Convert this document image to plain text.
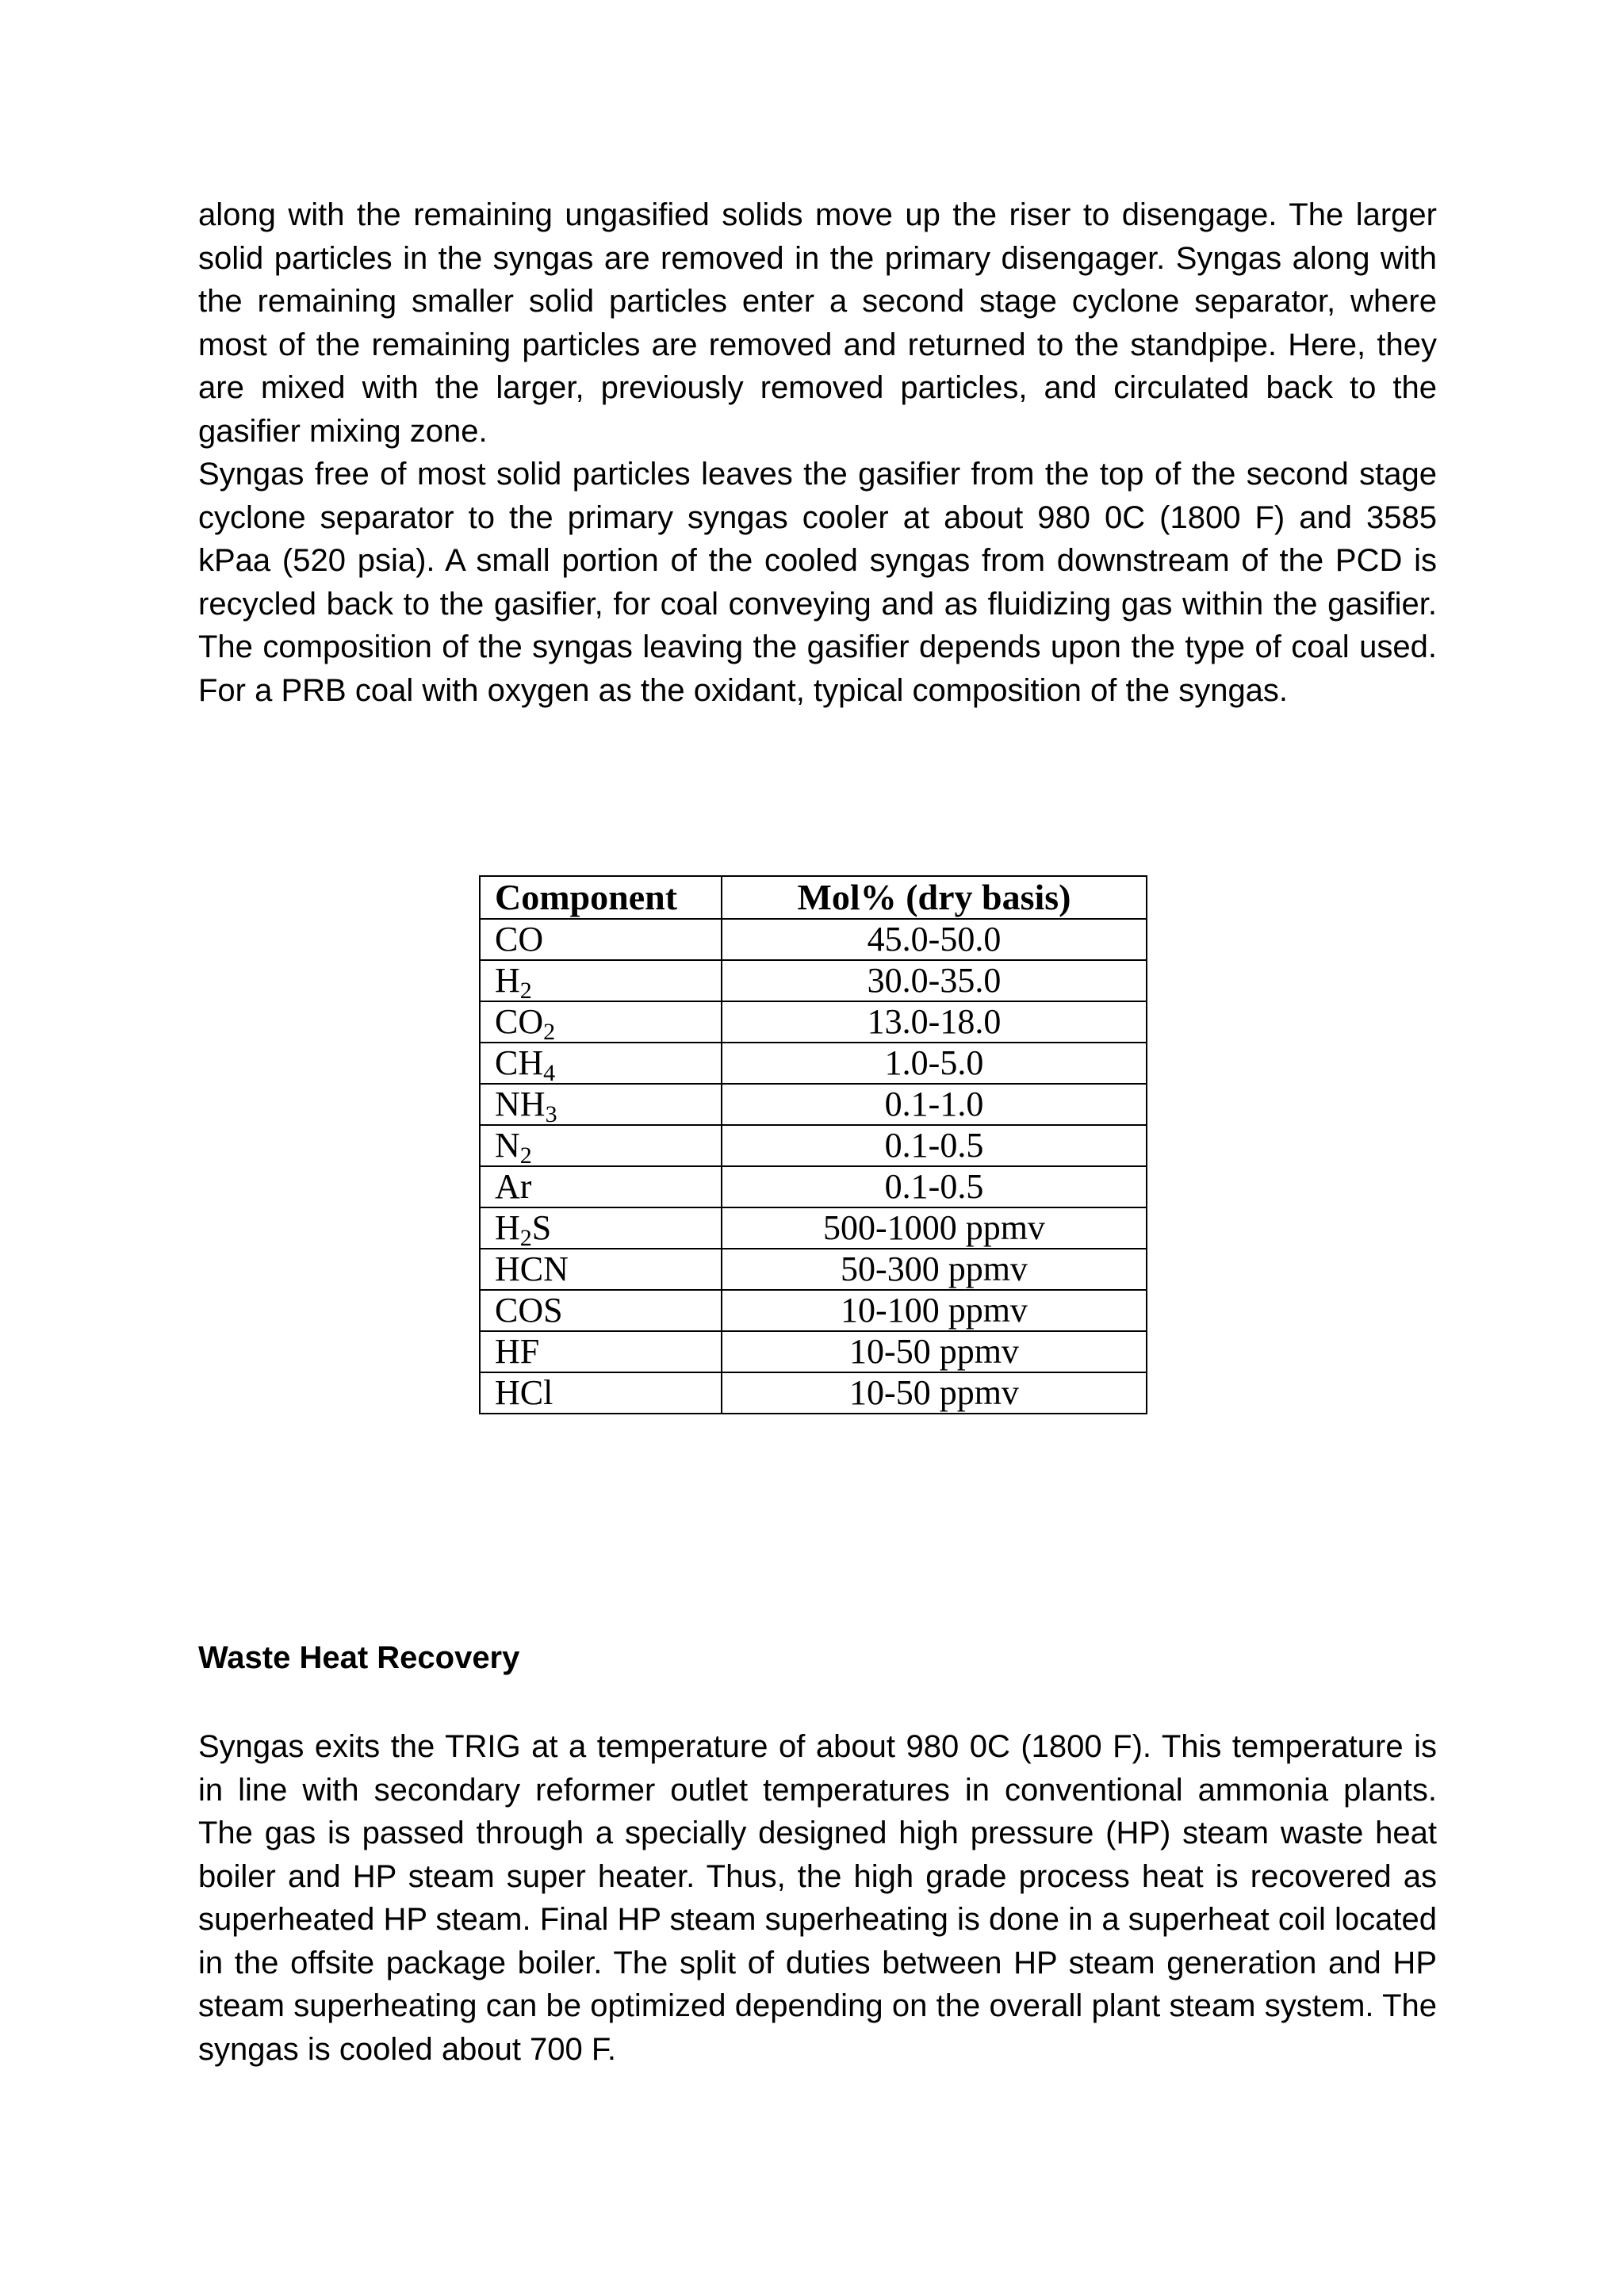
along with the remaining ungasified solids move up the riser to disengage. The larger solid particles in the syngas are removed in the primary disengager. Syngas along with the remaining smaller solid particles enter a second stage cyclone separator, where most of the remaining particles are removed and returned to the standpipe. Here, they are mixed with the larger, previously removed particles, and circulated back to the gasifier mixing zone.

Syngas free of most solid particles leaves the gasifier from the top of the second stage cyclone separator to the primary syngas cooler at about 980 0C (1800 F) and 3585 kPaa (520 psia). A small portion of the cooled syngas from downstream of the PCD is recycled back to the gasifier, for coal conveying and as fluidizing gas within the gasifier. The composition of the syngas leaving the gasifier depends upon the type of coal used. For a PRB coal with oxygen as the oxidant, typical composition of the syngas.

Component	Mol% (dry basis)
CO	45.0-50.0
$H_2$	30.0-35.0
$CO_2$	13.0-18.0
$CH_4$	1.0-5.0
$NH_3$	0.1-1.0
$N_2$	0.1-0.5
Ar	0.1-0.5
$H_2S$	500-1000 ppmv
HCN	50-300 ppmv
COS	10-100 ppmv
HF	10-50 ppmv
HCl	10-50 ppmv
Waste Heat Recovery

Syngas exits the TRIG at a temperature of about 980 0C (1800 F). This temperature is in line with secondary reformer outlet temperatures in conventional ammonia plants. The gas is passed through a specially designed high pressure (HP) steam waste heat boiler and HP steam super heater. Thus, the high grade process heat is recovered as superheated HP steam. Final HP steam superheating is done in a superheat coil located in the offsite package boiler. The split of duties between HP steam generation and HP steam superheating can be optimized depending on the overall plant steam system. The syngas is cooled about 700 F.
